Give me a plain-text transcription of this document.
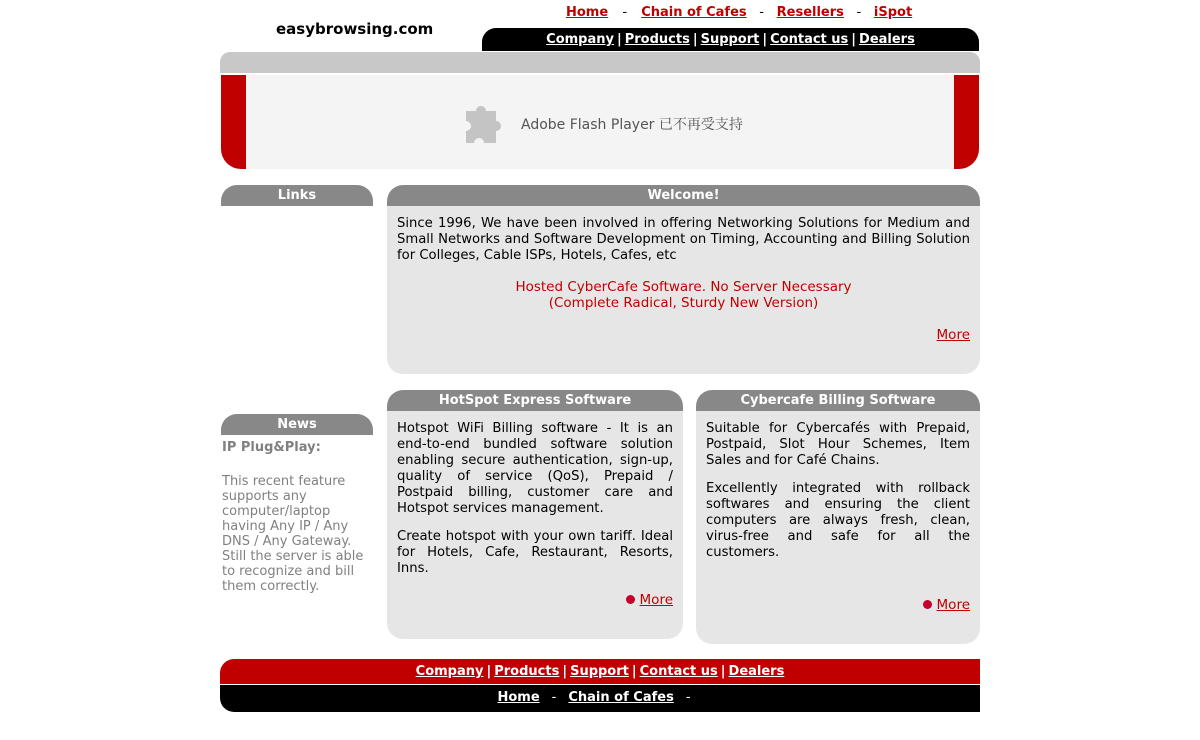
easybrowsing.com
Home - Chain of Cafes - Resellers - iSpot
Company | Products | Support | Contact us | Dealers
Adobe Flash Player 已不再受支持
Links
News

IP Plug&Play:

This recent feature supports any computer/laptop having Any IP / Any DNS / Any Gateway. Still the server is able to recognize and bill them correctly.

Welcome!

Since 1996, We have been involved in offering Networking Solutions for Medium and Small Networks and Software Development on Timing, Accounting and Billing Solution for Colleges, Cable ISPs, Hotels, Cafes, etc

Hosted CyberCafe Software. No Server Necessary
(Complete Radical, Sturdy New Version)
More
HotSpot Express Software

Hotspot WiFi Billing software - It is an end-to-end bundled software solution enabling secure authentication, sign-up, quality of service (QoS), Prepaid / Postpaid billing, customer care and Hotspot services management.

Create hotspot with your own tariff. Ideal for Hotels, Cafe, Restaurant, Resorts, Inns.

More
Cybercafe Billing Software

Suitable for Cybercafés with Prepaid, Postpaid, Slot Hour Schemes, Item Sales and for Café Chains.

Excellently integrated with rollback softwares and ensuring the client computers are always fresh, clean, virus-free and safe for all the customers.

More
Company | Products | Support | Contact us | Dealers
Home - Chain of Cafes -
